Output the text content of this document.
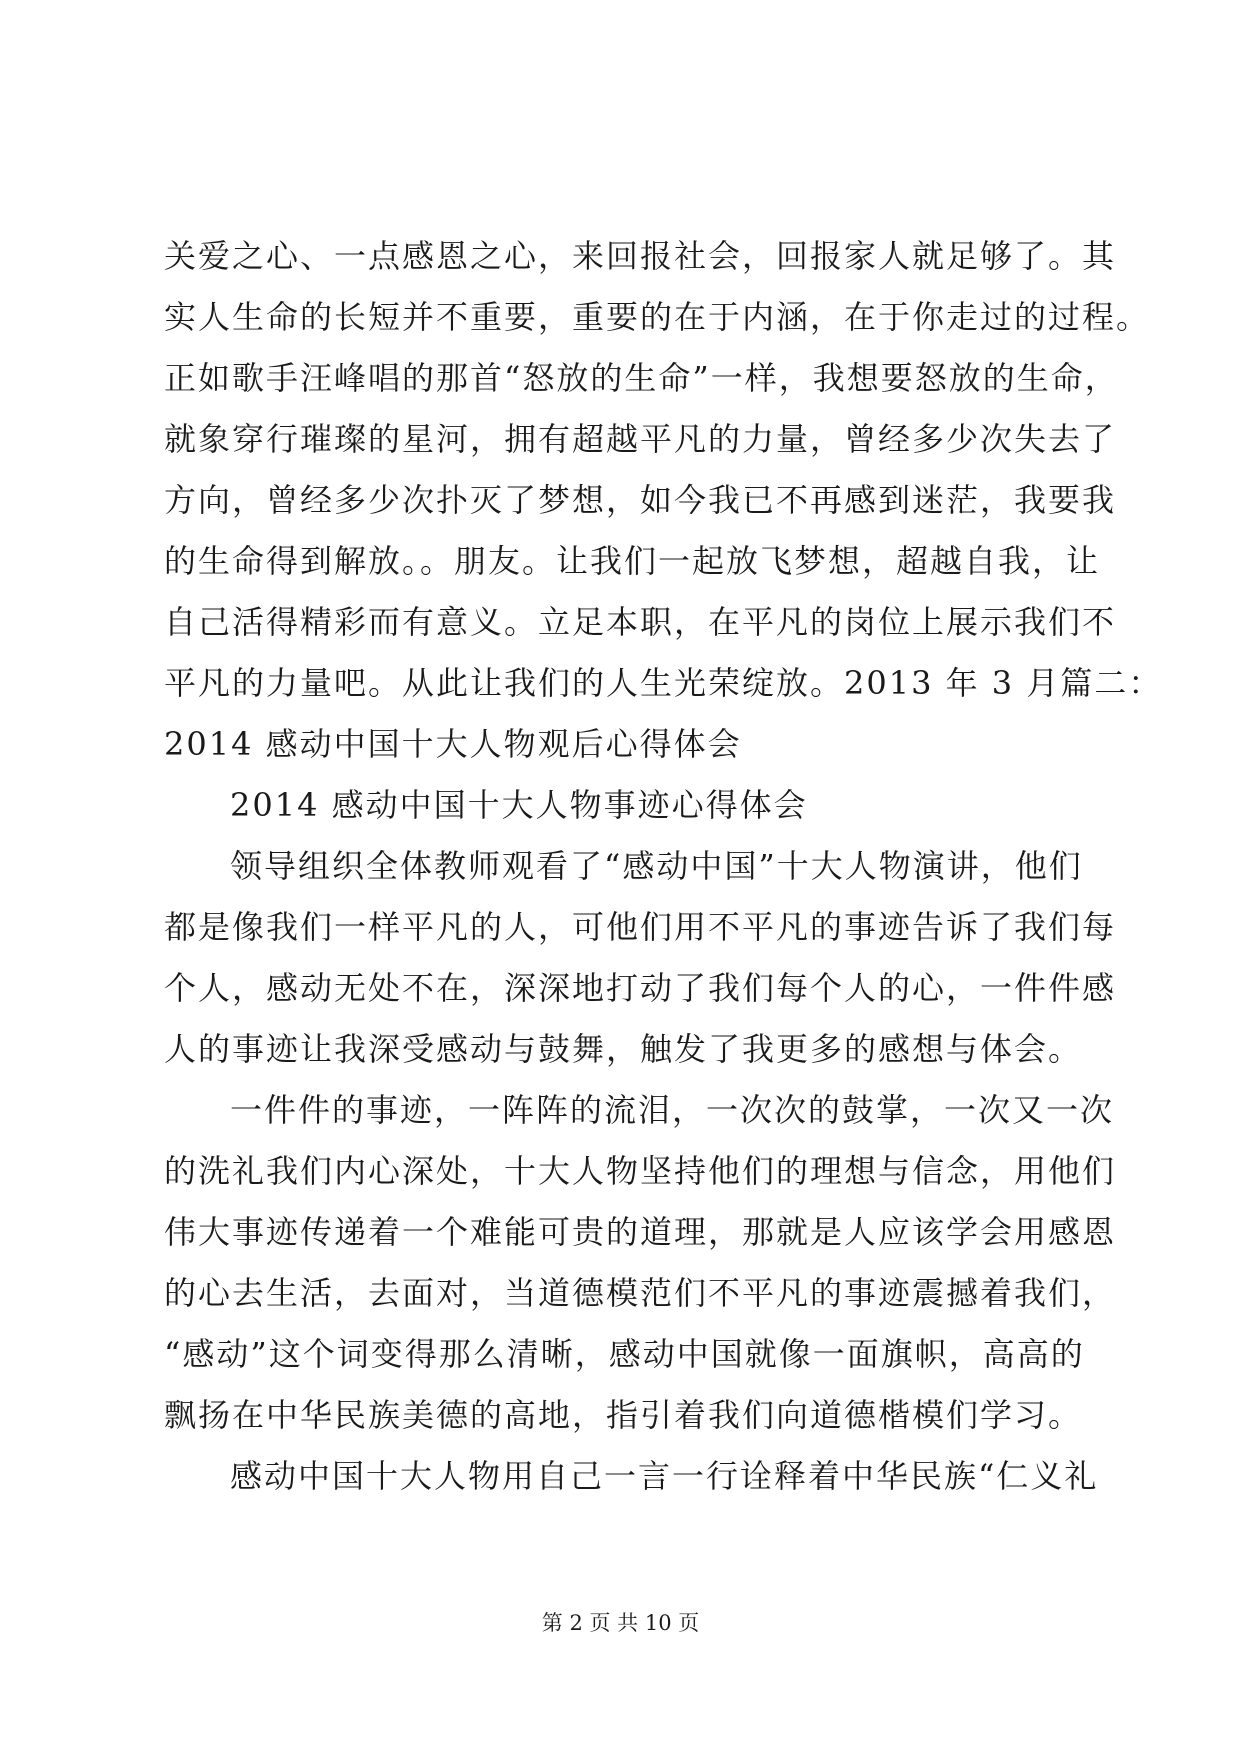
关爱之心、一点感恩之心，来回报社会，回报家人就足够了。其
实人生命的长短并不重要，重要的在于内涵，在于你走过的过程。
正如歌手汪峰唱的那首“怒放的生命”一样，我想要怒放的生命，
就象穿行璀璨的星河，拥有超越平凡的力量，曾经多少次失去了
方向，曾经多少次扑灭了梦想，如今我已不再感到迷茫，我要我
的生命得到解放。。朋友。让我们一起放飞梦想，超越自我，让
自己活得精彩而有意义。立足本职，在平凡的岗位上展示我们不
平凡的力量吧。从此让我们的人生光荣绽放。2013 年 3 月篇二：
2014 感动中国十大人物观后心得体会
2014 感动中国十大人物事迹心得体会
领导组织全体教师观看了“感动中国”十大人物演讲，他们
都是像我们一样平凡的人，可他们用不平凡的事迹告诉了我们每
个人，感动无处不在，深深地打动了我们每个人的心，一件件感
人的事迹让我深受感动与鼓舞，触发了我更多的感想与体会。
一件件的事迹，一阵阵的流泪，一次次的鼓掌，一次又一次
的洗礼我们内心深处，十大人物坚持他们的理想与信念，用他们
伟大事迹传递着一个难能可贵的道理，那就是人应该学会用感恩
的心去生活，去面对，当道德模范们不平凡的事迹震撼着我们，
“感动”这个词变得那么清晰，感动中国就像一面旗帜，高高的
飘扬在中华民族美德的高地，指引着我们向道德楷模们学习。
感动中国十大人物用自己一言一行诠释着中华民族“仁义礼
第 2 页 共 10 页
